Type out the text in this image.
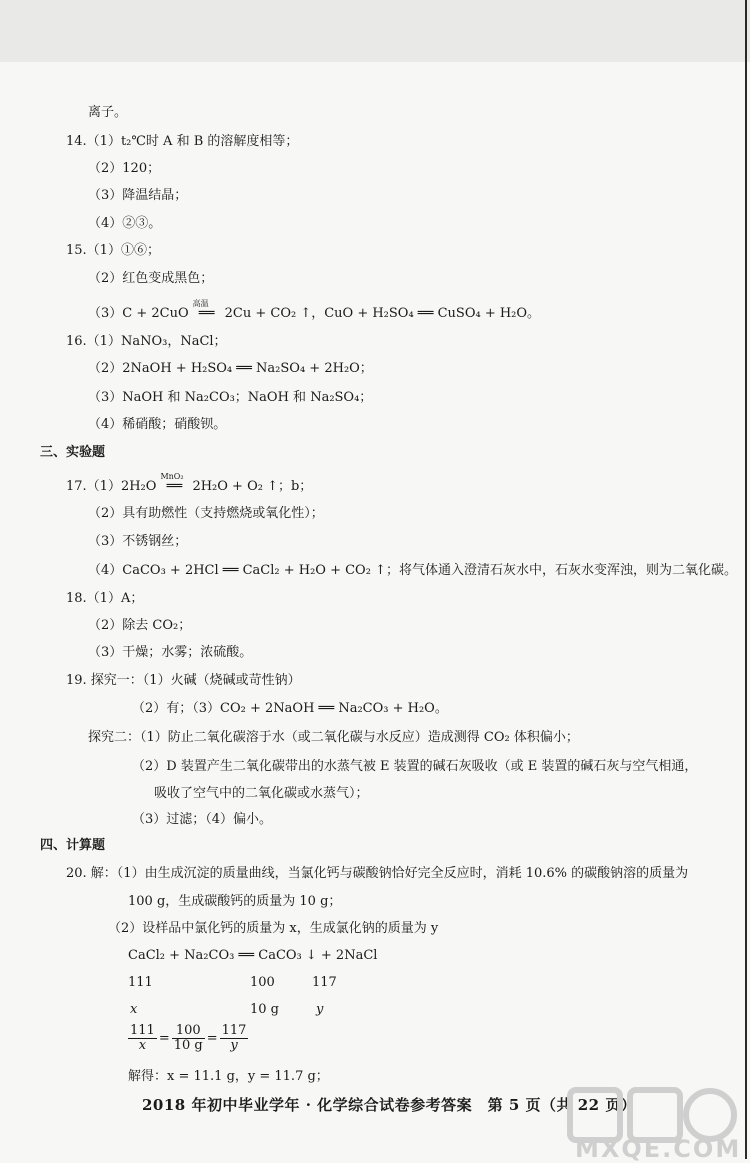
离子。
14.（1）t₂℃时 A 和 B 的溶解度相等；
（2）120；
（3）降温结晶；
（4）②③。
15.（1）①⑥；
（2）红色变成黑色；
（3）C + 2CuO
高温
══ 2Cu + CO₂ ↑，CuO + H₂SO₄ ══ CuSO₄ + H₂O。
16.（1）NaNO₃，NaCl；
（2）2NaOH + H₂SO₄ ══ Na₂SO₄ + 2H₂O；
（3）NaOH 和 Na₂CO₃；NaOH 和 Na₂SO₄；
（4）稀硝酸；硝酸钡。
三、实验题
17.（1）2H₂O
MnO₂
══ 2H₂O + O₂ ↑；b；
（2）具有助燃性（支持燃烧或氧化性）；
（3）不锈钢丝；
（4）CaCO₃ + 2HCl ══ CaCl₂ + H₂O + CO₂ ↑；将气体通入澄清石灰水中，石灰水变浑浊，则为二氧化碳。
18.（1）A；
（2）除去 CO₂；
（3）干燥；水雾；浓硫酸。
19. 探究一：（1）火碱（烧碱或苛性钠）
（2）有；（3）CO₂ + 2NaOH ══ Na₂CO₃ + H₂O。
探究二：（1）防止二氧化碳溶于水（或二氧化碳与水反应）造成测得 CO₂ 体积偏小；
（2）D 装置产生二氧化碳带出的水蒸气被 E 装置的碱石灰吸收（或 E 装置的碱石灰与空气相通，
吸收了空气中的二氧化碳或水蒸气）；
（3）过滤；（4）偏小。
四、计算题
20. 解：（1）由生成沉淀的质量曲线，当氯化钙与碳酸钠恰好完全反应时，消耗 10.6% 的碳酸钠溶的质量为
100 g，生成碳酸钙的质量为 10 g；
（2）设样品中氯化钙的质量为 x，生成氯化钠的质量为 y
CaCl₂ + Na₂CO₃ ══ CaCO₃ ↓ + 2NaCl
111	100	117
x	10 g	y
$\frac{111}{x} = \frac{100}{10 g} = \frac{117}{y}$
解得：x = 11.1 g，y = 11.7 g；
2018 年初中毕业学年 · 化学综合试卷参考答案　第 5 页（共 22 页）
MXQE.COM
